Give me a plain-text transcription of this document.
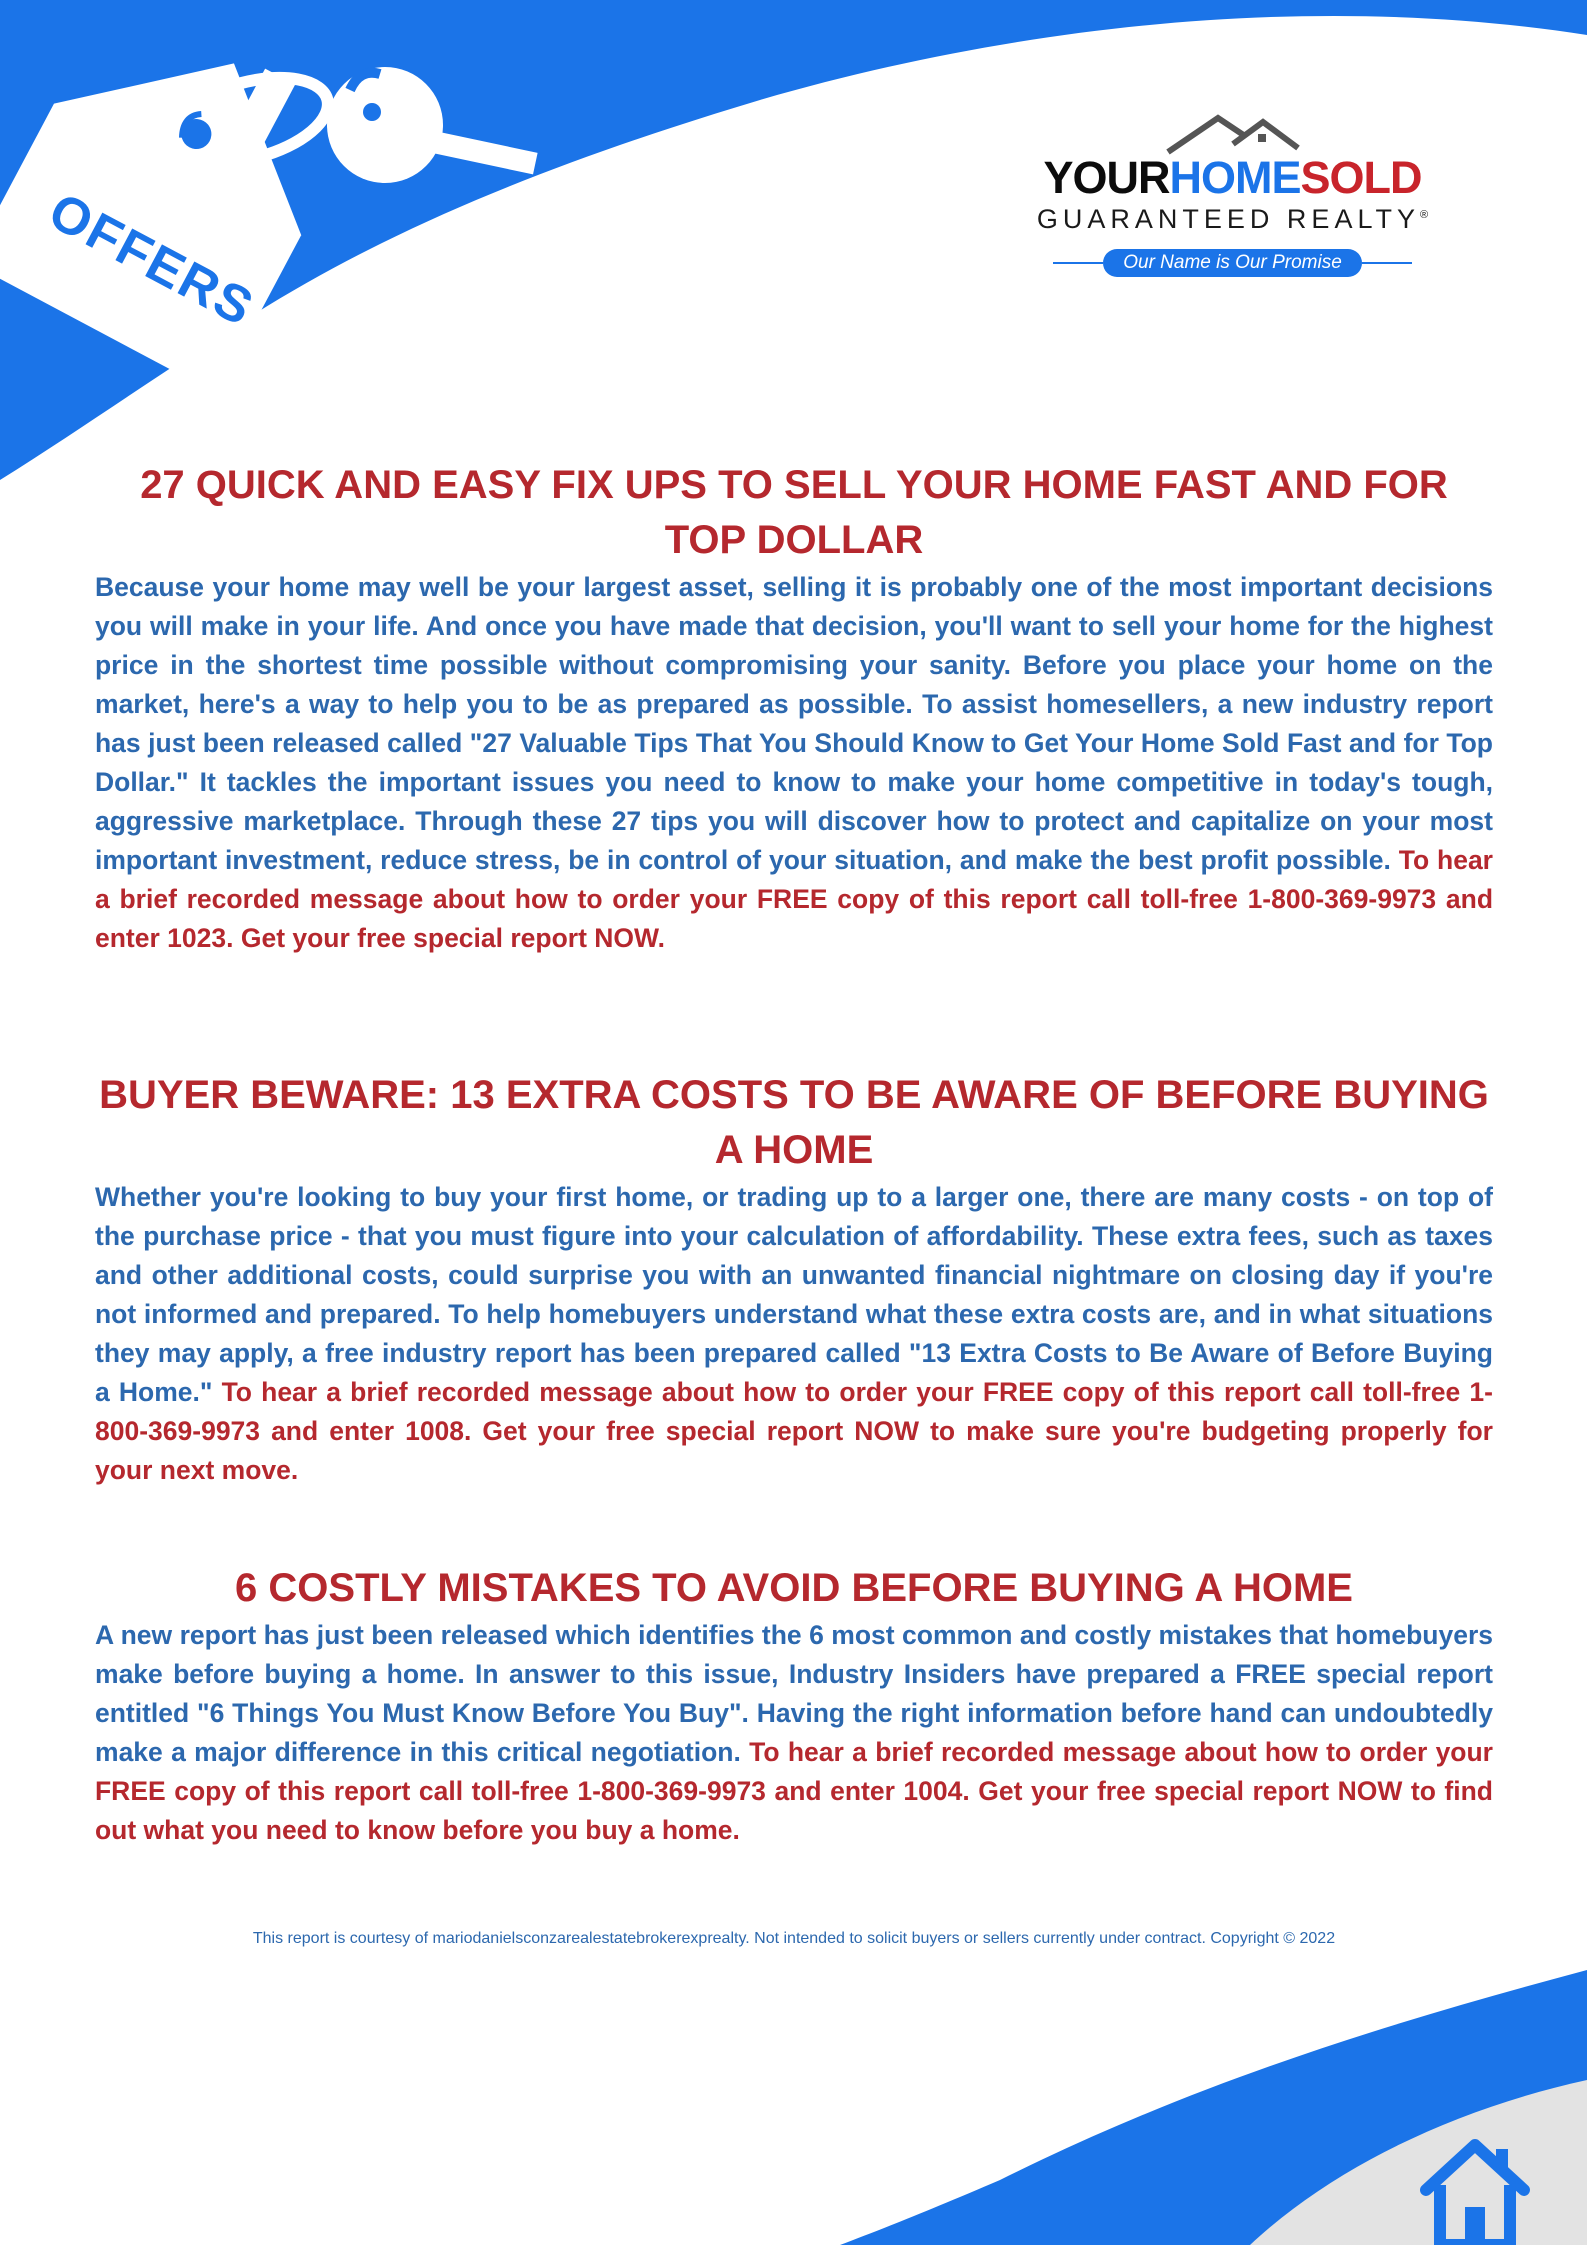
OFFERS
YOURHOMESOLD
GUARANTEED REALTY®
Our Name is Our Promise
27 QUICK AND EASY FIX UPS TO SELL YOUR HOME FAST AND FOR TOP DOLLAR

Because your home may well be your largest asset, selling it is probably one of the most important decisions you will make in your life. And once you have made that decision, you'll want to sell your home for the highest price in the shortest time possible without compromising your sanity. Before you place your home on the market, here's a way to help you to be as prepared as possible. To assist homesellers, a new industry report has just been released called "27 Valuable Tips That You Should Know to Get Your Home Sold Fast and for Top Dollar." It tackles the important issues you need to know to make your home competitive in today's tough, aggressive marketplace. Through these 27 tips you will discover how to protect and capitalize on your most important investment, reduce stress, be in control of your situation, and make the best profit possible. To hear a brief recorded message about how to order your FREE copy of this report call toll-free 1-800-369-9973 and enter 1023. Get your free special report NOW.

BUYER BEWARE: 13 EXTRA COSTS TO BE AWARE OF BEFORE BUYING A HOME

Whether you're looking to buy your first home, or trading up to a larger one, there are many costs - on top of the purchase price - that you must figure into your calculation of affordability. These extra fees, such as taxes and other additional costs, could surprise you with an unwanted financial nightmare on closing day if you're not informed and prepared. To help homebuyers understand what these extra costs are, and in what situations they may apply, a free industry report has been prepared called "13 Extra Costs to Be Aware of Before Buying a Home." To hear a brief recorded message about how to order your FREE copy of this report call toll-free 1-800-369-9973 and enter 1008. Get your free special report NOW to make sure you're budgeting properly for your next move.

6 COSTLY MISTAKES TO AVOID BEFORE BUYING A HOME

A new report has just been released which identifies the 6 most common and costly mistakes that homebuyers make before buying a home. In answer to this issue, Industry Insiders have prepared a FREE special report entitled "6 Things You Must Know Before You Buy". Having the right information before hand can undoubtedly make a major difference in this critical negotiation. To hear a brief recorded message about how to order your FREE copy of this report call toll-free 1-800-369-9973 and enter 1004. Get your free special report NOW to find out what you need to know before you buy a home.

This report is courtesy of mariodanielsconzarealestatebrokerexprealty. Not intended to solicit buyers or sellers currently under contract. Copyright © 2022
